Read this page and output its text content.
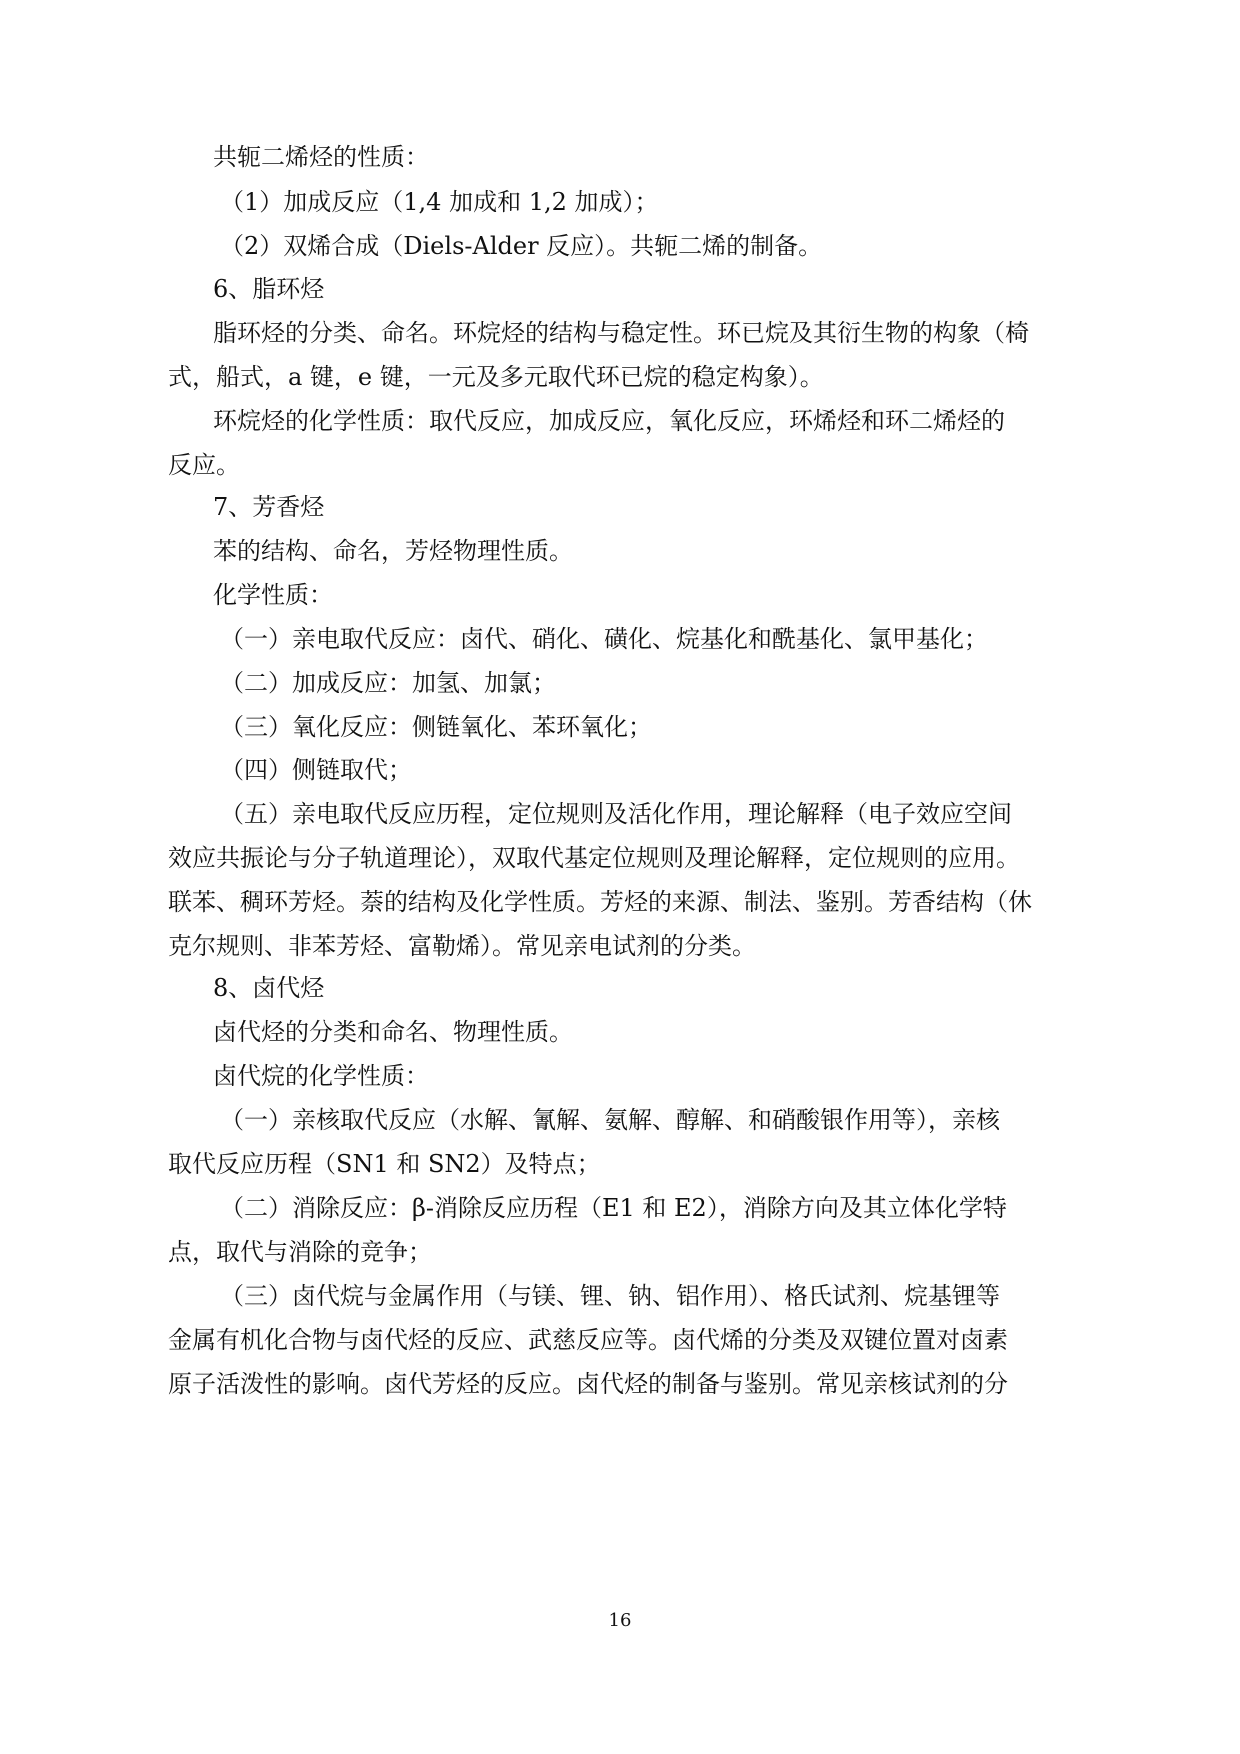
共轭二烯烃的性质：

（1）加成反应（1,4 加成和 1,2 加成）；

（2）双烯合成（Diels-Alder 反应）。共轭二烯的制备。

6、脂环烃

脂环烃的分类、命名。环烷烃的结构与稳定性。环已烷及其衍生物的构象（椅

式，船式，a 键，e 键，一元及多元取代环已烷的稳定构象）。

环烷烃的化学性质：取代反应，加成反应，氧化反应，环烯烃和环二烯烃的

反应。

7、芳香烃

苯的结构、命名，芳烃物理性质。

化学性质：

（一）亲电取代反应：卤代、硝化、磺化、烷基化和酰基化、氯甲基化；

（二）加成反应：加氢、加氯；

（三）氧化反应：侧链氧化、苯环氧化；

（四）侧链取代；

（五）亲电取代反应历程，定位规则及活化作用，理论解释（电子效应空间

效应共振论与分子轨道理论），双取代基定位规则及理论解释，定位规则的应用。

联苯、稠环芳烃。萘的结构及化学性质。芳烃的来源、制法、鉴别。芳香结构（休

克尔规则、非苯芳烃、富勒烯）。常见亲电试剂的分类。

8、卤代烃

卤代烃的分类和命名、物理性质。

卤代烷的化学性质：

（一）亲核取代反应（水解、氰解、氨解、醇解、和硝酸银作用等），亲核

取代反应历程（SN1 和 SN2）及特点；

（二）消除反应：β-消除反应历程（E1 和 E2），消除方向及其立体化学特

点，取代与消除的竞争；

（三）卤代烷与金属作用（与镁、锂、钠、铝作用）、格氏试剂、烷基锂等

金属有机化合物与卤代烃的反应、武慈反应等。卤代烯的分类及双键位置对卤素

原子活泼性的影响。卤代芳烃的反应。卤代烃的制备与鉴别。常见亲核试剂的分

16
